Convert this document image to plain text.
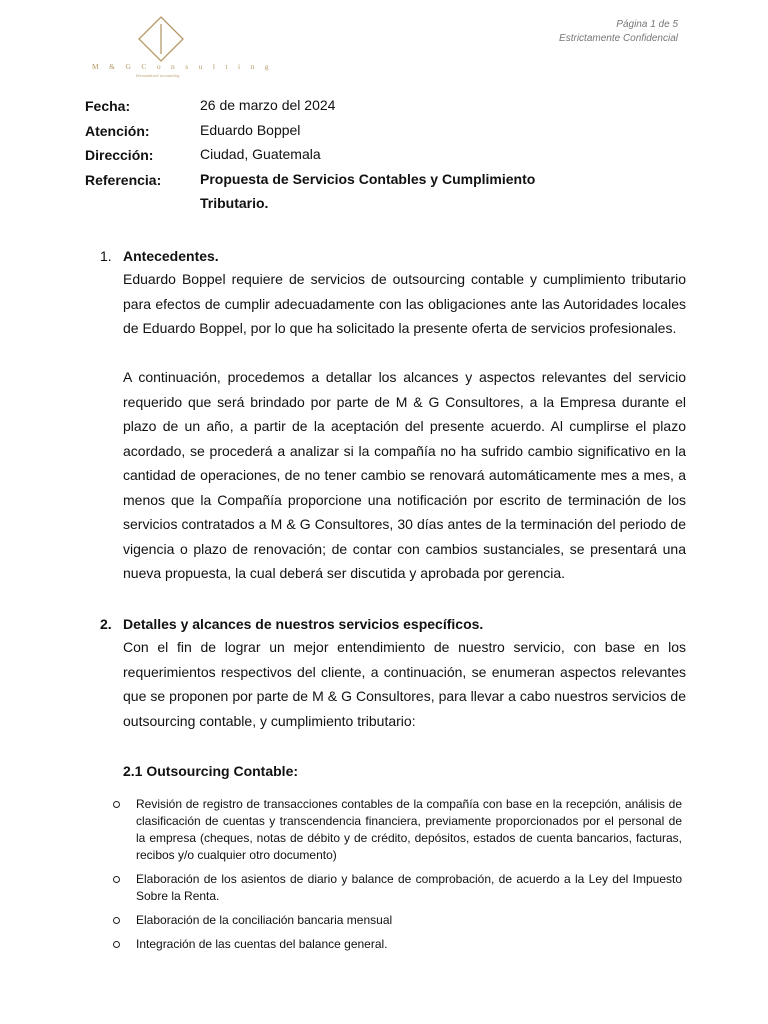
M & G C o n s u l t i n g
Personalized accounting
Página 1 de 5
Estrictamente Confidencial
Fecha:	26 de marzo del 2024
Atención:	Eduardo Boppel
Dirección:	Ciudad, Guatemala
Referencia:	Propuesta de Servicios Contables y Cumplimiento Tributario.
1. Antecedentes.
Eduardo Boppel requiere de servicios de outsourcing contable y cumplimiento tributario para efectos de cumplir adecuadamente con las obligaciones ante las Autoridades locales de Eduardo Boppel, por lo que ha solicitado la presente oferta de servicios profesionales.
A continuación, procedemos a detallar los alcances y aspectos relevantes del servicio requerido que será brindado por parte de M & G Consultores, a la Empresa durante el plazo de un año, a partir de la aceptación del presente acuerdo. Al cumplirse el plazo acordado, se procederá a analizar si la compañía no ha sufrido cambio significativo en la cantidad de operaciones, de no tener cambio se renovará automáticamente mes a mes, a menos que la Compañía proporcione una notificación por escrito de terminación de los servicios contratados a M & G Consultores, 30 días antes de la terminación del periodo de vigencia o plazo de renovación; de contar con cambios sustanciales, se presentará una nueva propuesta, la cual deberá ser discutida y aprobada por gerencia.
2. Detalles y alcances de nuestros servicios específicos.
Con el fin de lograr un mejor entendimiento de nuestro servicio, con base en los requerimientos respectivos del cliente, a continuación, se enumeran aspectos relevantes que se proponen por parte de M & G Consultores, para llevar a cabo nuestros servicios de outsourcing contable, y cumplimiento tributario:
2.1 Outsourcing Contable:
Revisión de registro de transacciones contables de la compañía con base en la recepción, análisis de clasificación de cuentas y transcendencia financiera, previamente proporcionados por el personal de la empresa (cheques, notas de débito y de crédito, depósitos, estados de cuenta bancarios, facturas, recibos y/o cualquier otro documento)
Elaboración de los asientos de diario y balance de comprobación, de acuerdo a la Ley del Impuesto Sobre la Renta.
Elaboración de la conciliación bancaria mensual
Integración de las cuentas del balance general.
